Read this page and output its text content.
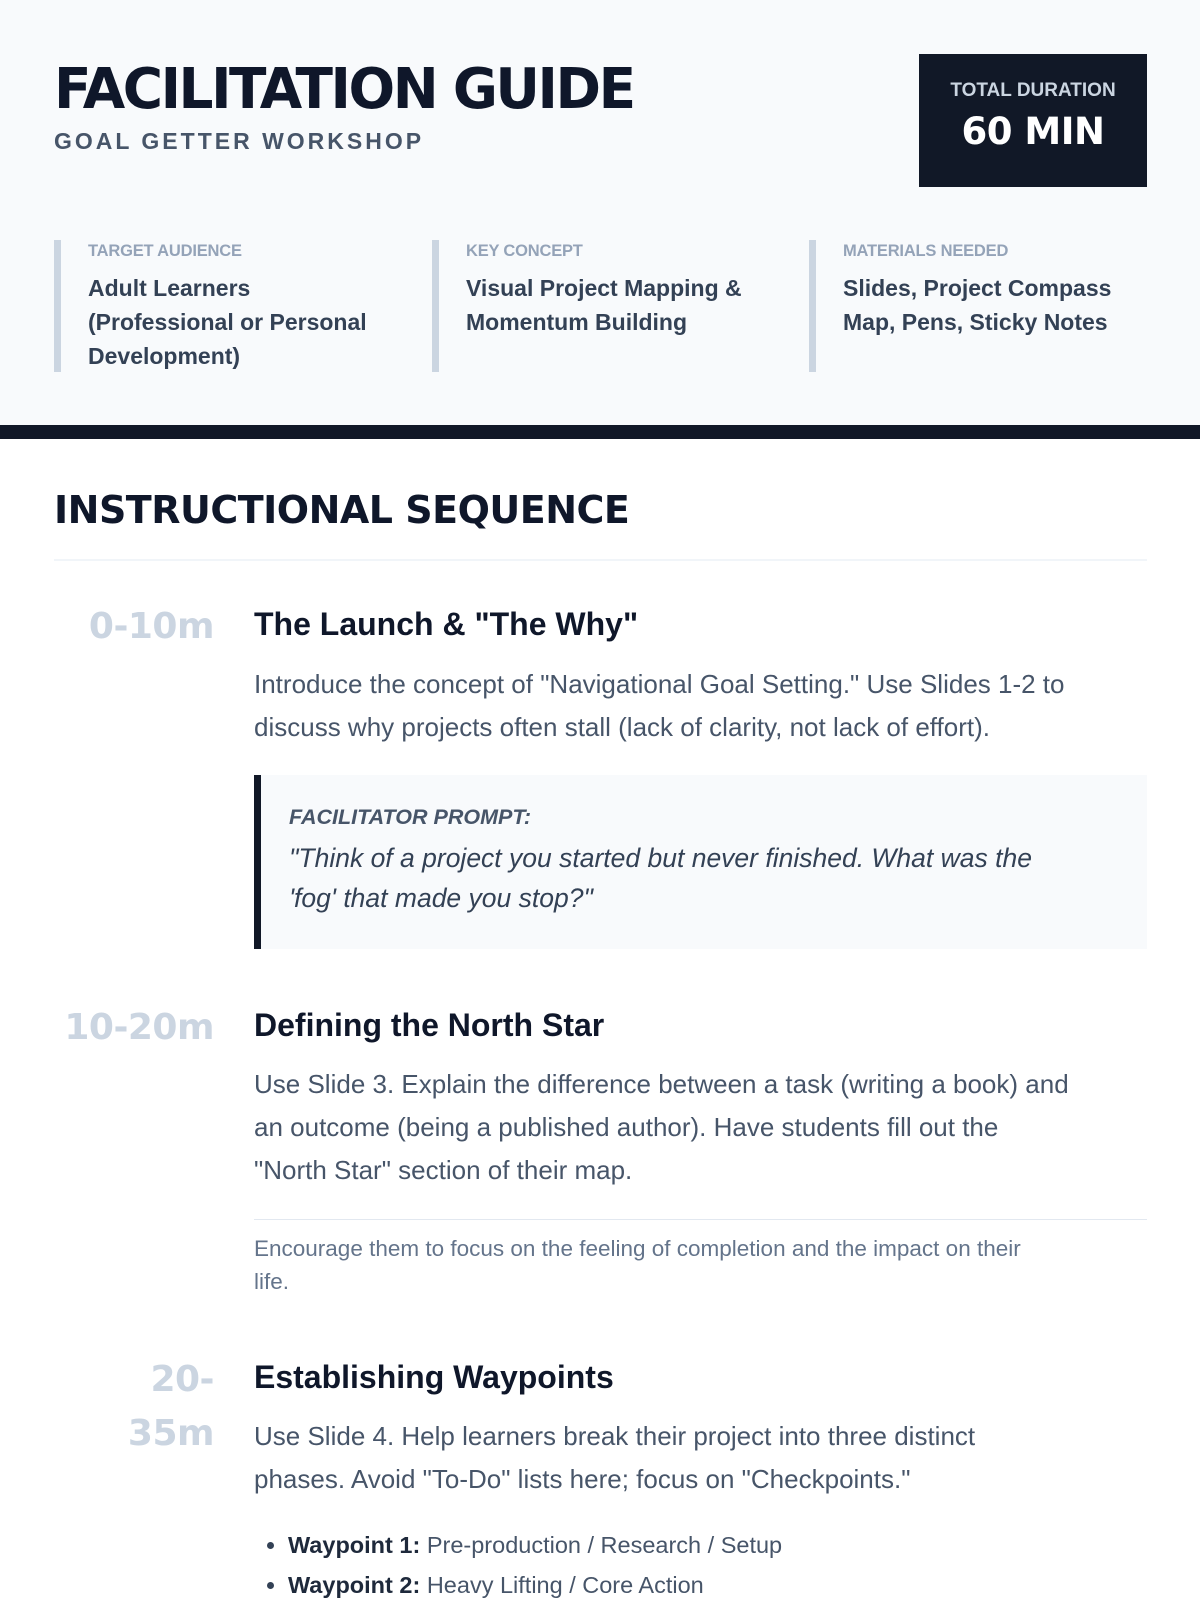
FACILITATION GUIDE
GOAL GETTER WORKSHOP
TOTAL DURATION
60 MIN
TARGET AUDIENCE
Adult Learners
(Professional or Personal
Development)
KEY CONCEPT
Visual Project Mapping &
Momentum Building
MATERIALS NEEDED
Slides, Project Compass
Map, Pens, Sticky Notes
INSTRUCTIONAL SEQUENCE
0-10m The Launch & "The Why"
Introduce the concept of "Navigational Goal Setting." Use Slides 1-2 to
discuss why projects often stall (lack of clarity, not lack of effort).
FACILITATOR PROMPT:
"Think of a project you started but never finished. What was the
'fog' that made you stop?"
10-20m Defining the North Star
Use Slide 3. Explain the difference between a task (writing a book) and
an outcome (being a published author). Have students fill out the
"North Star" section of their map.
Encourage them to focus on the feeling of completion and the impact on their
life.
20-
35m
Establishing Waypoints
Use Slide 4. Help learners break their project into three distinct
phases. Avoid "To-Do" lists here; focus on "Checkpoints."
• Waypoint 1: Pre-production / Research / Setup
• Waypoint 2: Heavy Lifting / Core Action
